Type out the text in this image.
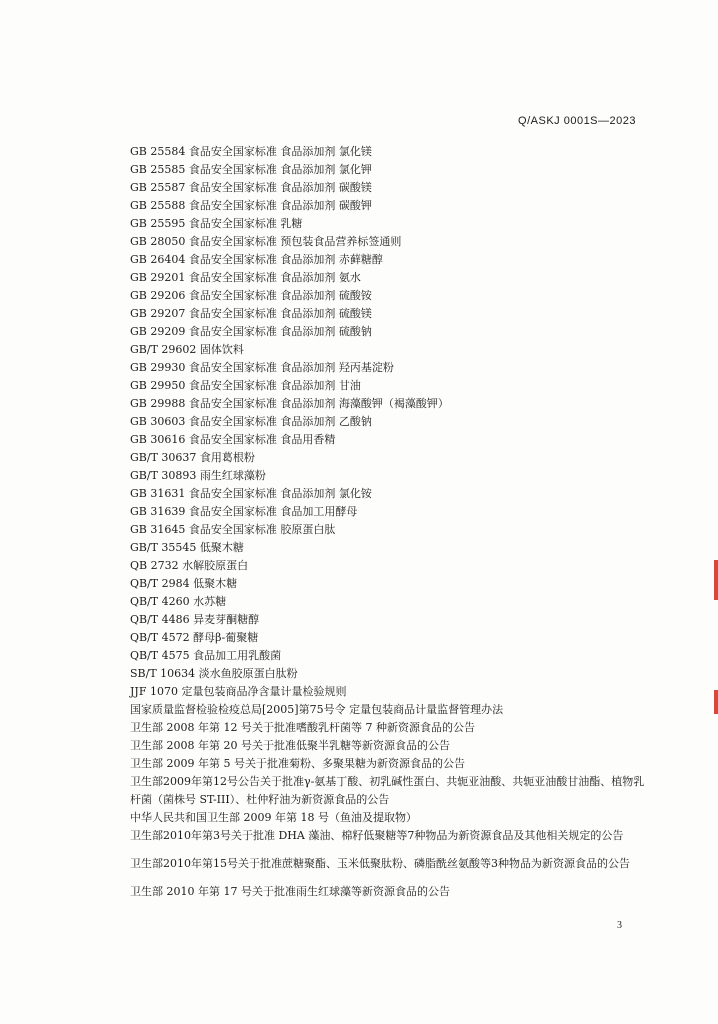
Q/ASKJ 0001S—2023
GB 25584 食品安全国家标准 食品添加剂 氯化镁
GB 25585 食品安全国家标准 食品添加剂 氯化钾
GB 25587 食品安全国家标准 食品添加剂 碳酸镁
GB 25588 食品安全国家标准 食品添加剂 碳酸钾
GB 25595 食品安全国家标准 乳糖
GB 28050 食品安全国家标准 预包装食品营养标签通则
GB 26404 食品安全国家标准 食品添加剂 赤藓糖醇
GB 29201 食品安全国家标准 食品添加剂 氨水
GB 29206 食品安全国家标准 食品添加剂 硫酸铵
GB 29207 食品安全国家标准 食品添加剂 硫酸镁
GB 29209 食品安全国家标准 食品添加剂 硫酸钠
GB/T 29602 固体饮料
GB 29930 食品安全国家标准 食品添加剂 羟丙基淀粉
GB 29950 食品安全国家标准 食品添加剂 甘油
GB 29988 食品安全国家标准 食品添加剂 海藻酸钾（褐藻酸钾）
GB 30603 食品安全国家标准 食品添加剂 乙酸钠
GB 30616 食品安全国家标准 食品用香精
GB/T 30637 食用葛根粉
GB/T 30893 雨生红球藻粉
GB 31631 食品安全国家标准 食品添加剂 氯化铵
GB 31639 食品安全国家标准 食品加工用酵母
GB 31645 食品安全国家标准 胶原蛋白肽
GB/T 35545 低聚木糖
QB 2732 水解胶原蛋白
QB/T 2984 低聚木糖
QB/T 4260 水苏糖
QB/T 4486 异麦芽酮糖醇
QB/T 4572 酵母β-葡聚糖
QB/T 4575 食品加工用乳酸菌
SB/T 10634 淡水鱼胶原蛋白肽粉
JJF 1070 定量包装商品净含量计量检验规则
国家质量监督检验检疫总局[2005]第75号令 定量包装商品计量监督管理办法
卫生部 2008 年第 12 号关于批准嗜酸乳杆菌等 7 种新资源食品的公告
卫生部 2008 年第 20 号关于批准低聚半乳糖等新资源食品的公告
卫生部 2009 年第 5 号关于批准菊粉、多聚果糖为新资源食品的公告
卫生部2009年第12号公告关于批准γ-氨基丁酸、初乳碱性蛋白、共轭亚油酸、共轭亚油酸甘油酯、植物乳杆菌（菌株号 ST-III）、杜仲籽油为新资源食品的公告
中华人民共和国卫生部 2009 年第 18 号（鱼油及提取物）
卫生部2010年第3号关于批准 DHA 藻油、棉籽低聚糖等7种物品为新资源食品及其他相关规定的公告
卫生部2010年第15号关于批准蔗糖聚酯、玉米低聚肽粉、磷脂酰丝氨酸等3种物品为新资源食品的公告
卫生部 2010 年第 17 号关于批准雨生红球藻等新资源食品的公告
3
